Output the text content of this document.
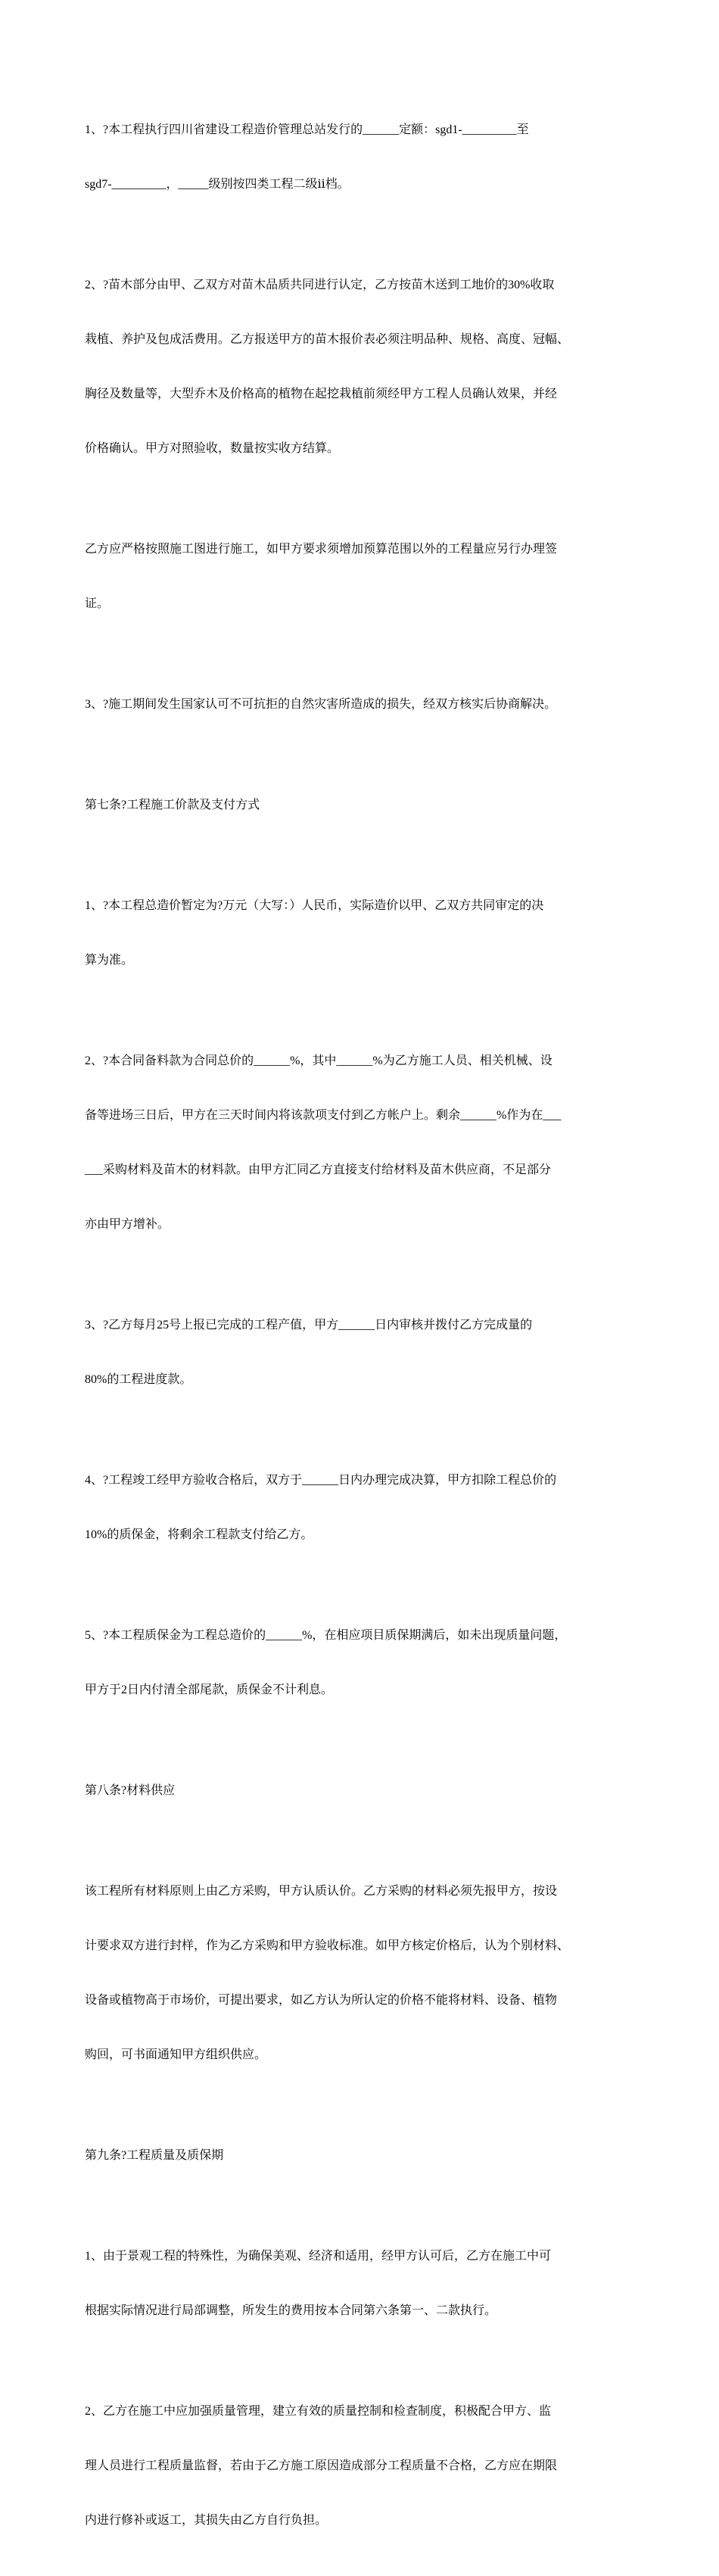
1、?本工程执行四川省建设工程造价管理总站发行的______定额：sgd1-_________至

sgd7-_________，_____级别按四类工程二级ⅱ档。

2、?苗木部分由甲、乙双方对苗木品质共同进行认定，乙方按苗木送到工地价的30%收取

栽植、养护及包成活费用。乙方报送甲方的苗木报价表必须注明品种、规格、高度、冠幅、

胸径及数量等，大型乔木及价格高的植物在起挖栽植前须经甲方工程人员确认效果，并经

价格确认。甲方对照验收，数量按实收方结算。

乙方应严格按照施工图进行施工，如甲方要求须增加预算范围以外的工程量应另行办理签

证。

3、?施工期间发生国家认可不可抗拒的自然灾害所造成的损失，经双方核实后协商解决。

第七条?工程施工价款及支付方式

1、?本工程总造价暂定为?万元（大写：）人民币，实际造价以甲、乙双方共同审定的决

算为准。

2、?本合同备料款为合同总价的______%，其中______%为乙方施工人员、相关机械、设

备等进场三日后，甲方在三天时间内将该款项支付到乙方帐户上。剩余______%作为在___

___采购材料及苗木的材料款。由甲方汇同乙方直接支付给材料及苗木供应商，不足部分

亦由甲方增补。

3、?乙方每月25号上报已完成的工程产值，甲方______日内审核并拨付乙方完成量的

80%的工程进度款。

4、?工程竣工经甲方验收合格后，双方于______日内办理完成决算，甲方扣除工程总价的

10%的质保金，将剩余工程款支付给乙方。

5、?本工程质保金为工程总造价的______%，在相应项目质保期满后，如未出现质量问题，

甲方于2日内付清全部尾款，质保金不计利息。

第八条?材料供应

该工程所有材料原则上由乙方采购，甲方认质认价。乙方采购的材料必须先报甲方，按设

计要求双方进行封样，作为乙方采购和甲方验收标准。如甲方核定价格后，认为个别材料、

设备或植物高于市场价，可提出要求，如乙方认为所认定的价格不能将材料、设备、植物

购回，可书面通知甲方组织供应。

第九条?工程质量及质保期

1、由于景观工程的特殊性，为确保美观、经济和适用，经甲方认可后，乙方在施工中可

根据实际情况进行局部调整，所发生的费用按本合同第六条第一、二款执行。

2、乙方在施工中应加强质量管理，建立有效的质量控制和检查制度，积极配合甲方、监

理人员进行工程质量监督，若由于乙方施工原因造成部分工程质量不合格，乙方应在期限

内进行修补或返工，其损失由乙方自行负担。
